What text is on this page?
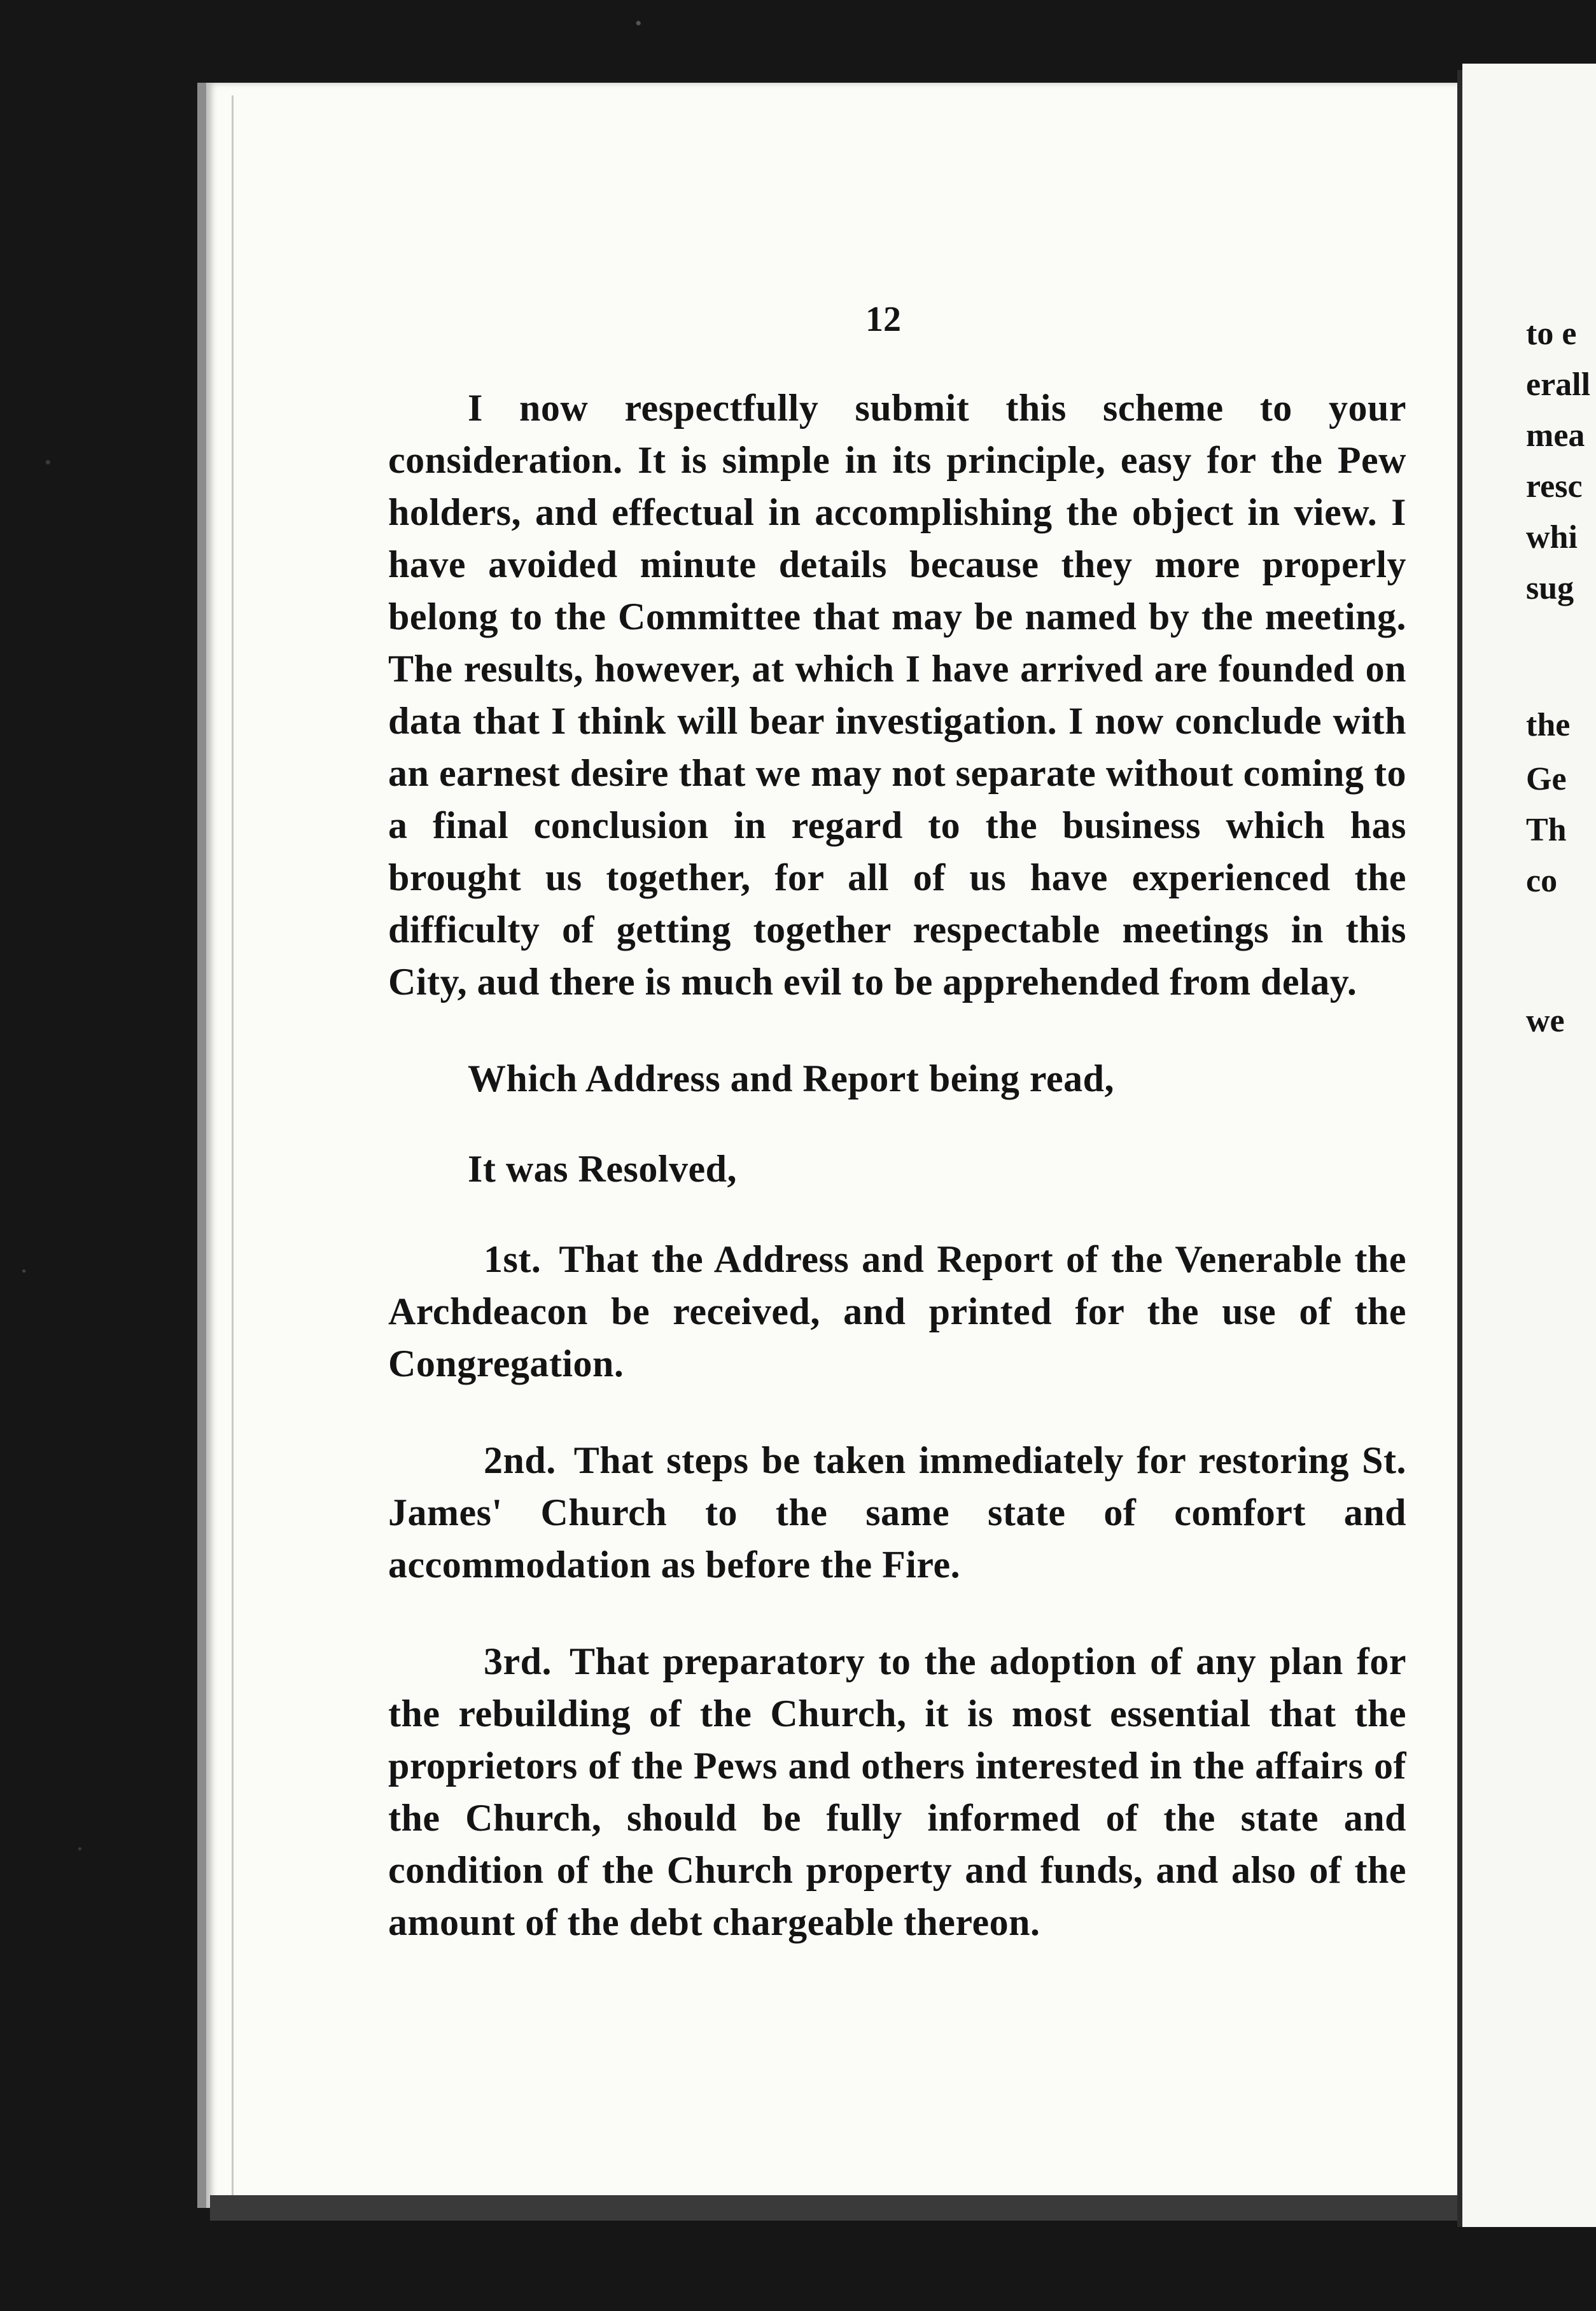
12

I now respectfully submit this scheme to your consideration. It is simple in its principle, easy for the Pew holders, and effectual in accomplishing the object in view. I have avoided minute details because they more properly belong to the Committee that may be named by the meeting. The results, however, at which I have arrived are founded on data that I think will bear investigation. I now conclude with an earnest desire that we may not separate without coming to a final conclusion in regard to the business which has brought us together, for all of us have experienced the difficulty of getting together respectable meetings in this City, aud there is much evil to be apprehended from delay.

Which Address and Report being read,

It was Resolved,

1st. That the Address and Report of the Venerable the Archdeacon be received, and printed for the use of the Congregation.

2nd. That steps be taken immediately for restoring St. James' Church to the same state of comfort and accommodation as before the Fire.

3rd. That preparatory to the adoption of any plan for the rebuilding of the Church, it is most essential that the proprietors of the Pews and others interested in the affairs of the Church, should be fully informed of the state and condition of the Church property and funds, and also of the amount of the debt chargeable thereon.

to e
erall
mea
resc
whi
sug
the
Ge
Th
co
we
